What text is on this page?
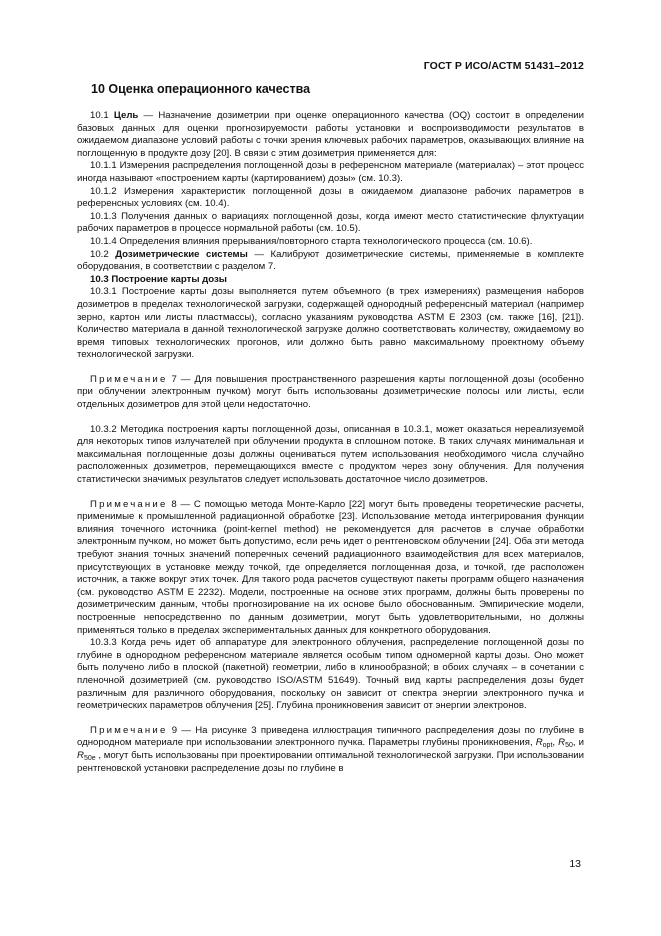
ГОСТ Р ИСО/АСТМ 51431–2012
10 Оценка операционного качества

10.1 Цель — Назначение дозиметрии при оценке операционного качества (OQ) состоит в определении базовых данных для оценки прогнозируемости работы установки и воспроизводимости результатов в ожидаемом диапазоне условий работы с точки зрения ключевых рабочих параметров, оказывающих влияние на поглощенную в продукте дозу [20]. В связи с этим дозиметрия применяется для:

10.1.1 Измерения распределения поглощенной дозы в референсном материале (материалах) – этот процесс иногда называют «построением карты (картированием) дозы» (см. 10.3).

10.1.2 Измерения характеристик поглощенной дозы в ожидаемом диапазоне рабочих параметров в референсных условиях (см. 10.4).

10.1.3 Получения данных о вариациях поглощенной дозы, когда имеют место статистические флуктуации рабочих параметров в процессе нормальной работы (см. 10.5).

10.1.4 Определения влияния прерывания/повторного старта технологического процесса (см. 10.6).

10.2 Дозиметрические системы — Калибруют дозиметрические системы, применяемые в комплекте оборудования, в соответствии с разделом 7.

10.3 Построение карты дозы

10.3.1 Построение карты дозы выполняется путем объемного (в трех измерениях) размещения наборов дозиметров в пределах технологической загрузки, содержащей однородный референсный материал (например зерно, картон или листы пластмассы), согласно указаниям руководства ASTM E 2303 (см. также [16], [21]). Количество материала в данной технологической загрузке должно соответствовать количеству, ожидаемому во время типовых технологических прогонов, или должно быть равно максимальному проектному объему технологической загрузки.

Примечание 7 — Для повышения пространственного разрешения карты поглощенной дозы (особенно при облучении электронным пучком) могут быть использованы дозиметрические полосы или листы, если отдельных дозиметров для этой цели недостаточно.

10.3.2 Методика построения карты поглощенной дозы, описанная в 10.3.1, может оказаться нереализуемой для некоторых типов излучателей при облучении продукта в сплошном потоке. В таких случаях минимальная и максимальная поглощенные дозы должны оцениваться путем использования необходимого числа случайно расположенных дозиметров, перемещающихся вместе с продуктом через зону облучения. Для получения статистически значимых результатов следует использовать достаточное число дозиметров.

Примечание 8 — С помощью метода Монте-Карло [22] могут быть проведены теоретические расчеты, применимые к промышленной радиационной обработке [23]. Использование метода интегрирования функции влияния точечного источника (point-kernel method) не рекомендуется для расчетов в случае обработки электронным пучком, но может быть допустимо, если речь идет о рентгеновском облучении [24]. Оба эти метода требуют знания точных значений поперечных сечений радиационного взаимодействия для всех материалов, присутствующих в установке между точкой, где определяется поглощенная доза, и точкой, где расположен источник, а также вокруг этих точек. Для такого рода расчетов существуют пакеты программ общего назначения (см. руководство ASTM E 2232). Модели, построенные на основе этих программ, должны быть проверены по дозиметрическим данным, чтобы прогнозирование на их основе было обоснованным. Эмпирические модели, построенные непосредственно по данным дозиметрии, могут быть удовлетворительными, но должны применяться только в пределах экспериментальных данных для конкретного оборудования.

10.3.3 Когда речь идет об аппаратуре для электронного облучения, распределение поглощенной дозы по глубине в однородном референсном материале является особым типом одномерной карты дозы. Оно может быть получено либо в плоской (пакетной) геометрии, либо в клинообразной; в обоих случаях – в сочетании с пленочной дозиметрией (см. руководство ISO/ASTM 51649). Точный вид карты распределения дозы будет различным для различного оборудования, поскольку он зависит от спектра энергии электронного пучка и геометрических параметров облучения [25]. Глубина проникновения зависит от энергии электронов.

Примечание 9 — На рисунке 3 приведена иллюстрация типичного распределения дозы по глубине в однородном материале при использовании электронного пучка. Параметры глубины проникновения, $R_{opt}$, $R_{50}$, и $R_{50e}$ , могут быть использованы при проектировании оптимальной технологической загрузки. При использовании рентгеновской установки распределение дозы по глубине в

13
